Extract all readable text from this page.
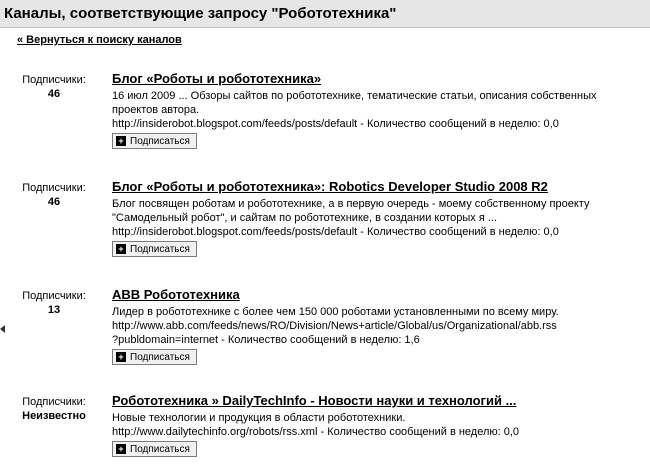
Каналы, соответствующие запросу "Робототехника"
« Вернуться к поиску каналов
Подписчики:
46
Блог «Роботы и робототехника»
16 июл 2009 ... Обзоры сайтов по робототехнике, тематические статьи, описания собственных проектов автора.
http://insiderobot.blogspot.com/feeds/posts/default - Количество сообщений в неделю: 0,0
+ Подписаться
Подписчики:
46
Блог «Роботы и робототехника»: Robotics Developer Studio 2008 R2
Блог посвящен роботам и робототехнике, а в первую очередь - моему собственному проекту "Самодельный робот", и сайтам по робототехнике, в создании которых я ...
http://insiderobot.blogspot.com/feeds/posts/default - Количество сообщений в неделю: 0,0
+ Подписаться
Подписчики:
13
ABB Робототехника
Лидер в робототехнике с более чем 150 000 роботами установленными по всему миру.
http://www.abb.com/feeds/news/RO/Division/News+article/Global/us/Organizational/abb.rss
?publdomain=internet - Количество сообщений в неделю: 1,6
+ Подписаться
Подписчики:
Неизвестно
Робототехника » DailyTechInfo - Новости науки и технологий ...
Новые технологии и продукция в области робототехники.
http://www.dailytechinfo.org/robots/rss.xml - Количество сообщений в неделю: 0,0
+ Подписаться
